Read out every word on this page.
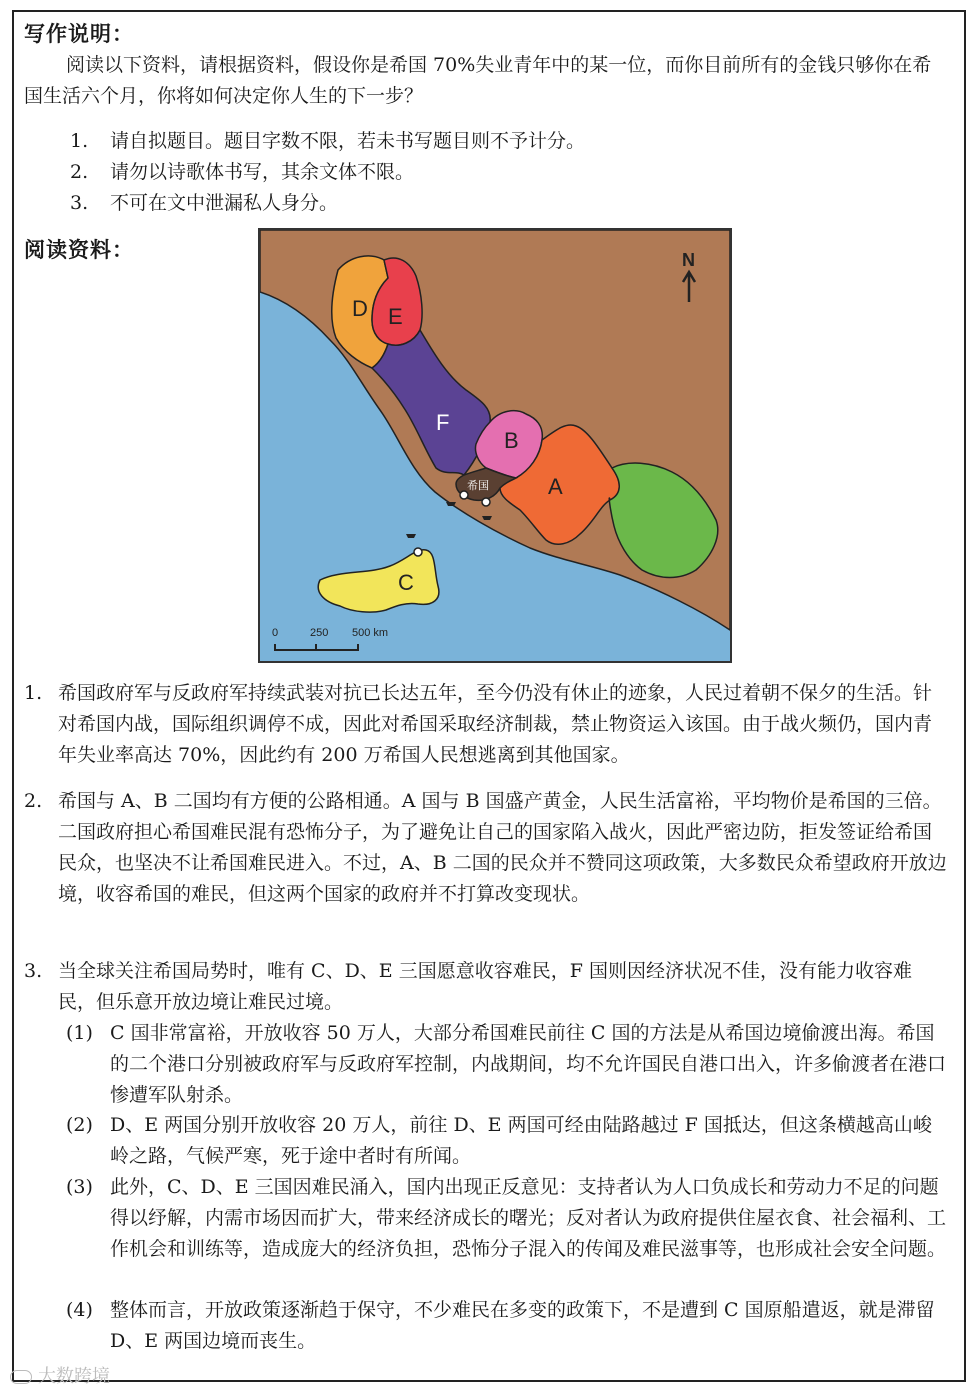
写作说明：
阅读以下资料，请根据资料，假设你是希国 70%失业青年中的某一位，而你目前所有的金钱只够你在希国生活六个月，你将如何决定你人生的下一步？
1. 请自拟题目。题目字数不限，若未书写题目则不予计分。
2. 请勿以诗歌体书写，其余文体不限。
3. 不可在文中泄漏私人身分。
阅读资料：
D E
F
B
A
C
希国
N
0	250 500 km
1. 希国政府军与反政府军持续武装对抗已长达五年，至今仍没有休止的迹象，人民过着朝不保夕的生活。针对希国内战，国际组织调停不成，因此对希国采取经济制裁，禁止物资运入该国。由于战火频仍，国内青年失业率高达 70%，因此约有 200 万希国人民想逃离到其他国家。
2. 希国与 A、B 二国均有方便的公路相通。A 国与 B 国盛产黄金，人民生活富裕，平均物价是希国的三倍。二国政府担心希国难民混有恐怖分子，为了避免让自己的国家陷入战火，因此严密边防，拒发签证给希国民众，也坚决不让希国难民进入。不过，A、B 二国的民众并不赞同这项政策，大多数民众希望政府开放边境，收容希国的难民，但这两个国家的政府并不打算改变现状。
3. 当全球关注希国局势时，唯有 C、D、E 三国愿意收容难民，F 国则因经济状况不佳，没有能力收容难民，但乐意开放边境让难民过境。
(1) C 国非常富裕，开放收容 50 万人，大部分希国难民前往 C 国的方法是从希国边境偷渡出海。希国的二个港口分别被政府军与反政府军控制，内战期间，均不允许国民自港口出入，许多偷渡者在港口惨遭军队射杀。
(2) D、E 两国分别开放收容 20 万人，前往 D、E 两国可经由陆路越过 F 国抵达，但这条横越高山峻岭之路，气候严寒，死于途中者时有所闻。
(3) 此外，C、D、E 三国因难民涌入，国内出现正反意见：支持者认为人口负成长和劳动力不足的问题得以纾解，内需市场因而扩大，带来经济成长的曙光；反对者认为政府提供住屋衣食、社会福利、工作机会和训练等，造成庞大的经济负担，恐怖分子混入的传闻及难民滋事等，也形成社会安全问题。
(4) 整体而言，开放政策逐渐趋于保守，不少难民在多变的政策下，不是遭到 C 国原船遣返，就是滞留 D、E 两国边境而丧生。
大数跨境
